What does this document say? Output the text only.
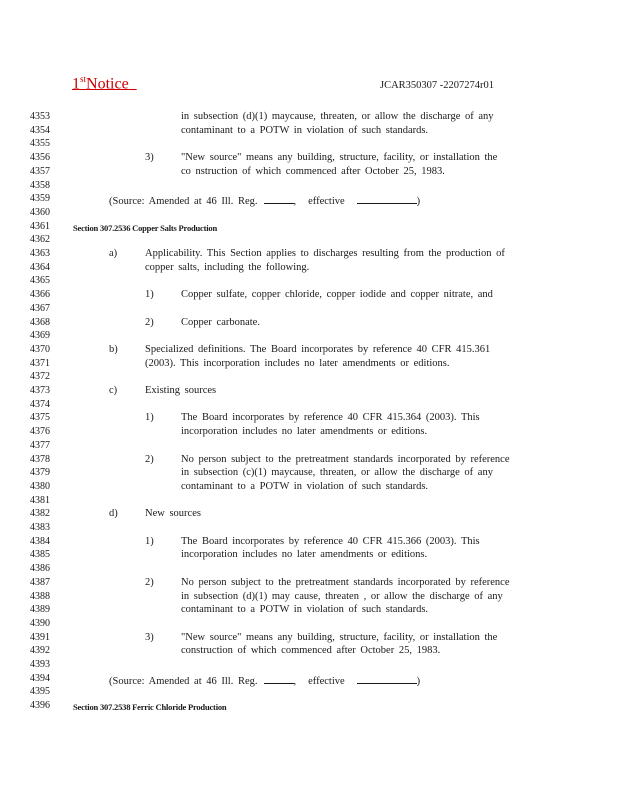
1stNotice	JCAR350307 -2207274r01
4353	in subsection (d)(1) maycause, threaten, or allow the discharge of any
4354	contaminant to a POTW in violation of such standards.
4355
4356	3)	"New source" means any building, structure, facility, or installation the
4357	co nstruction of which commenced after October 25, 1983.
4358
4359	(Source: Amended at 46 Ill. Reg.	, effective	)
4360
4361	Section 307.2536 Copper Salts Production
4362
4363	a)	Applicability. This Section applies to discharges resulting from the production of
4364	copper salts, including the following.
4365
4366	1)	Copper sulfate, copper chloride, copper iodide and copper nitrate, and
4367
4368	2)	Copper carbonate.
4369
4370	b)	Specialized definitions. The Board incorporates by reference 40 CFR 415.361
4371	(2003). This incorporation includes no later amendments or editions.
4372
4373	c)	Existing sources
4374
4375	1)	The Board incorporates by reference 40 CFR 415.364 (2003). This
4376	incorporation includes no later amendments or editions.
4377
4378	2)	No person subject to the pretreatment standards incorporated by reference
4379	in subsection (c)(1) maycause, threaten, or allow the discharge of any
4380	contaminant to a POTW in violation of such standards.
4381
4382	d)	New sources
4383
4384	1)	The Board incorporates by reference 40 CFR 415.366 (2003). This
4385	incorporation includes no later amendments or editions.
4386
4387	2)	No person subject to the pretreatment standards incorporated by reference
4388	in subsection (d)(1) may cause, threaten , or allow the discharge of any
4389	contaminant to a POTW in violation of such standards.
4390
4391	3)	"New source" means any building, structure, facility, or installation the
4392	construction of which commenced after October 25, 1983.
4393
4394	(Source: Amended at 46 Ill. Reg.	, effective	)
4395
4396	Section 307.2538 Ferric Chloride Production
